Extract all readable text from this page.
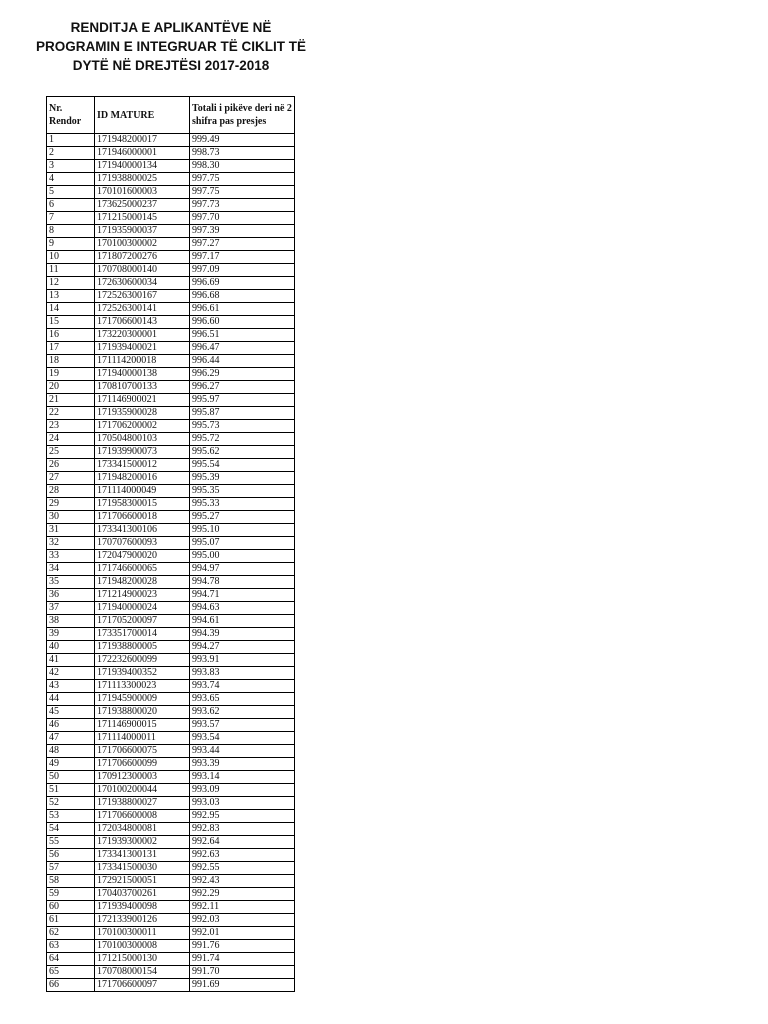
RENDITJA E APLIKANTËVE NË
PROGRAMIN E INTEGRUAR TË CIKLIT TË
DYTË NË DREJTËSI 2017-2018
Nr. Rendor	ID MATURE	Totali i pikëve deri në 2 shifra pas presjes
1	171948200017	999.49
2	171946000001	998.73
3	171940000134	998.30
4	171938800025	997.75
5	170101600003	997.75
6	173625000237	997.73
7	171215000145	997.70
8	171935900037	997.39
9	170100300002	997.27
10	171807200276	997.17
11	170708000140	997.09
12	172630600034	996.69
13	172526300167	996.68
14	172526300141	996.61
15	171706600143	996.60
16	173220300001	996.51
17	171939400021	996.47
18	171114200018	996.44
19	171940000138	996.29
20	170810700133	996.27
21	171146900021	995.97
22	171935900028	995.87
23	171706200002	995.73
24	170504800103	995.72
25	171939900073	995.62
26	173341500012	995.54
27	171948200016	995.39
28	171114000049	995.35
29	171958300015	995.33
30	171706600018	995.27
31	173341300106	995.10
32	170707600093	995.07
33	172047900020	995.00
34	171746600065	994.97
35	171948200028	994.78
36	171214900023	994.71
37	171940000024	994.63
38	171705200097	994.61
39	173351700014	994.39
40	171938800005	994.27
41	172232600099	993.91
42	171939400352	993.83
43	171113300023	993.74
44	171945900009	993.65
45	171938800020	993.62
46	171146900015	993.57
47	171114000011	993.54
48	171706600075	993.44
49	171706600099	993.39
50	170912300003	993.14
51	170100200044	993.09
52	171938800027	993.03
53	171706600008	992.95
54	172034800081	992.83
55	171939300002	992.64
56	173341300131	992.63
57	173341500030	992.55
58	172921500051	992.43
59	170403700261	992.29
60	171939400098	992.11
61	172133900126	992.03
62	170100300011	992.01
63	170100300008	991.76
64	171215000130	991.74
65	170708000154	991.70
66	171706600097	991.69
